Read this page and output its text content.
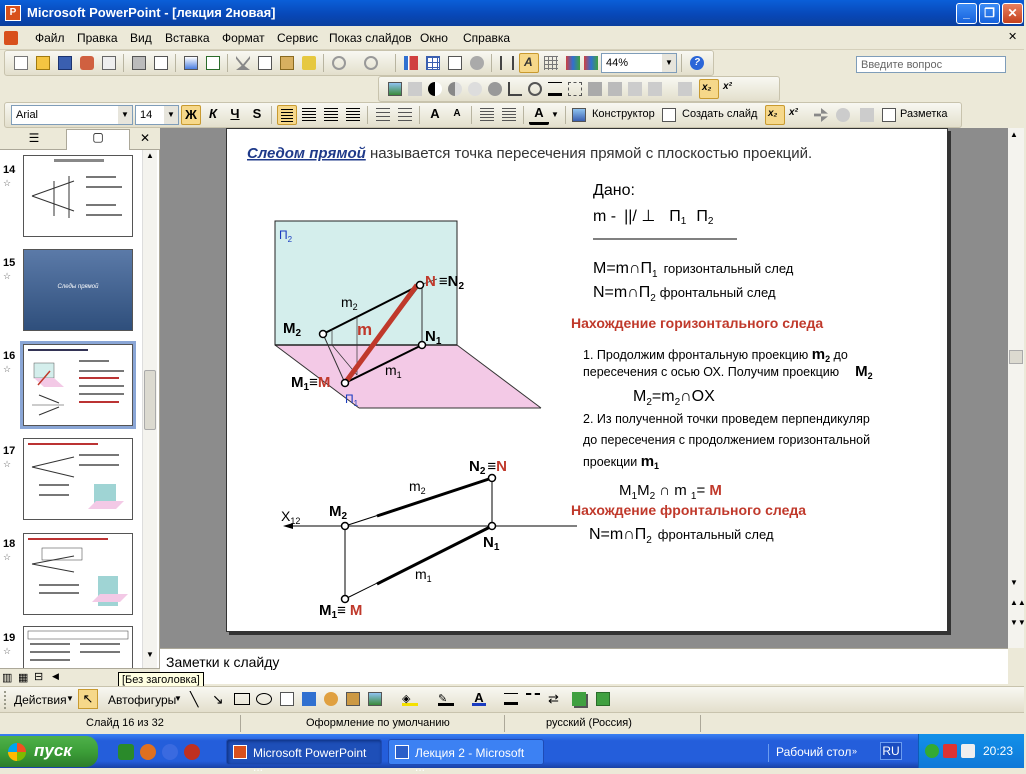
P Microsoft PowerPoint - [лекция 2новая]	_	❐	✕
Файл Правка Вид Вставка Формат Сервис Показ слайдов Окно Справка
Введите вопрос
✕
A	44%	▼	?
x₂	x²
Arial	▼	14	▼ Ж К	Ч	S	A	A	A ▼	Конструктор Создать слайд	x₂	x²	Разметка
☰	▢	✕
▲
▼
14
☆
15
☆
Следы прямой
16
☆
17
☆
18
☆
19
☆
▲
▼
▲▲
▼▼
Следом прямой называется точка пересечения прямой с плоскостью проекций.
$П_2$
$П_1$
$N \equiv N_2$
$m_2$
m
$M_2$	$N_1$
$m_1$
$M_1\equiv M$
$X_{12}$
$N_2 \equiv N$
$m_2$
$M_2$
$N_1$
$m_1$
$M_1\equiv M$
Дано:
m - ||/ ⊥ П1 П2
$M=m\cap П_1$ $^{горизонтальный след}$
$N=m\cap П_2$ $^{фронтальный след}$
Нахождение горизонтального следа
1. Продолжим фронтальную проекцию $m_2$ до
пересечения с осью ОХ. Получим проекцию $M_2$
$M_2=m_2\cap OX$
2. Из полученной точки проведем перпендикуляр
до пересечения с продолжением горизонтальной
проекции $m_1$
$M_1M_2$ ∩ m $_1$= M
Нахождение фронтального следа
$N=m\cap П_2$ $^{фронтальный след}$
Заметки к слайду
▥ ▦ ⊟ ◀	[Без заголовка]
Действия ▼ ↖	Автофигуры
▼ ╲ ↘	◈	✎	A	⇄
Слайд 16 из 32	Оформление по умолчанию	русский (Россия)
пуск	Microsoft PowerPoint ...
Лекция 2 - Microsoft ...
Рабочий стол » RU	20:23
